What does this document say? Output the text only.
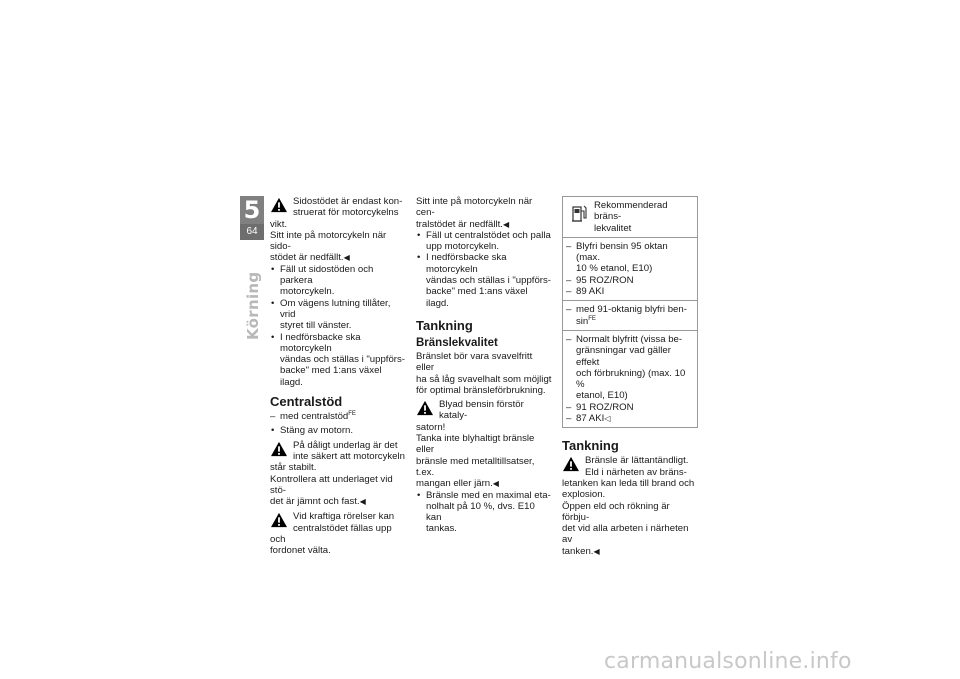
5
64
Körning

Sidostödet är endast kon-
struerat för motorcykelns

vikt.
Sitt inte på motorcykeln när sido-
stödet är nedfällt.◀

• Fäll ut sidostöden och parkera
motorcykeln.
• Om vägens lutning tillåter, vrid
styret till vänster.
• I nedförsbacke ska motorcykeln
vändas och ställas i "uppförs-
backe" med 1:ans växel ilagd.
Centralstöd
– med centralstöd$^{FE}$
• Stäng av motorn.

På dåligt underlag är det
inte säkert att motorcykeln

står stabilt.
Kontrollera att underlaget vid stö-
det är jämnt och fast.◀

Vid kraftiga rörelser kan
centralstödet fällas upp och

fordonet välta.

Sitt inte på motorcykeln när cen-
tralstödet är nedfällt.◀

• Fäll ut centralstödet och palla
upp motorcykeln.
• I nedförsbacke ska motorcykeln
vändas och ställas i "uppförs-
backe" med 1:ans växel ilagd.
Tankning
Bränslekvalitet

Bränslet bör vara svavelfritt eller
ha så låg svavelhalt som möjligt
för optimal bränsleförbrukning.

Blyad bensin förstör kataly-
satorn!

Tanka inte blyhaltigt bränsle eller
bränsle med metalltillsatser, t.ex.
mangan eller järn.◀

• Bränsle med en maximal eta-
nolhalt på 10 %, dvs. E10 kan
tankas.

Rekommenderad bräns-
lekvalitet

– Blyfri bensin 95 oktan (max.
10 % etanol, E10)
– 95 ROZ/RON
– 89 AKI
– med 91-oktanig blyfri ben-
$\sin^{FE}$
– Normalt blyfritt (vissa be-
gränsningar vad gäller effekt
och förbrukning) (max. 10 %
etanol, E10)
– 91 ROZ/RON
– 87 AKI◁
Tankning

Bränsle är lättantändligt.
Eld i närheten av bräns-

letanken kan leda till brand och
explosion.
Öppen eld och rökning är förbju-
det vid alla arbeten i närheten av
tanken.◀

carmanualsonline.info
